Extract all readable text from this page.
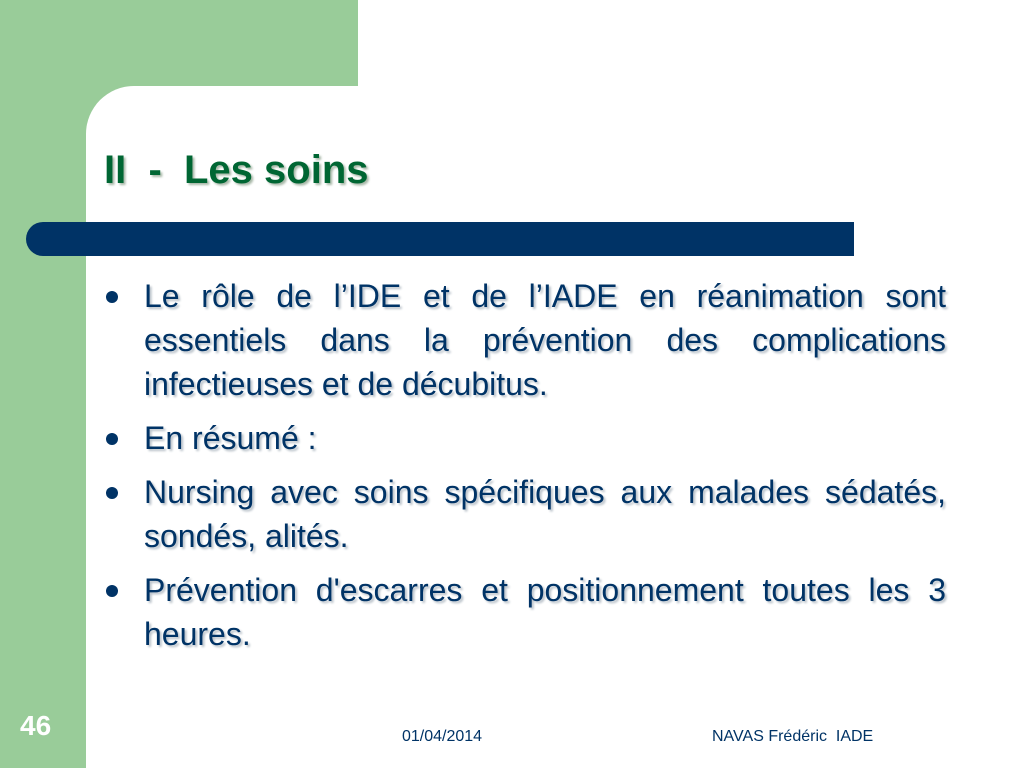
II  -  Les soins
Le rôle de l’IDE et de l’IADE en réanimation sont essentiels dans la prévention des complications infectieuses et de décubitus.
En résumé :
Nursing avec soins spécifiques aux malades sédatés, sondés, alités.
Prévention d'escarres et positionnement toutes les 3 heures.
46	01/04/2014	NAVAS Frédéric  IADE
